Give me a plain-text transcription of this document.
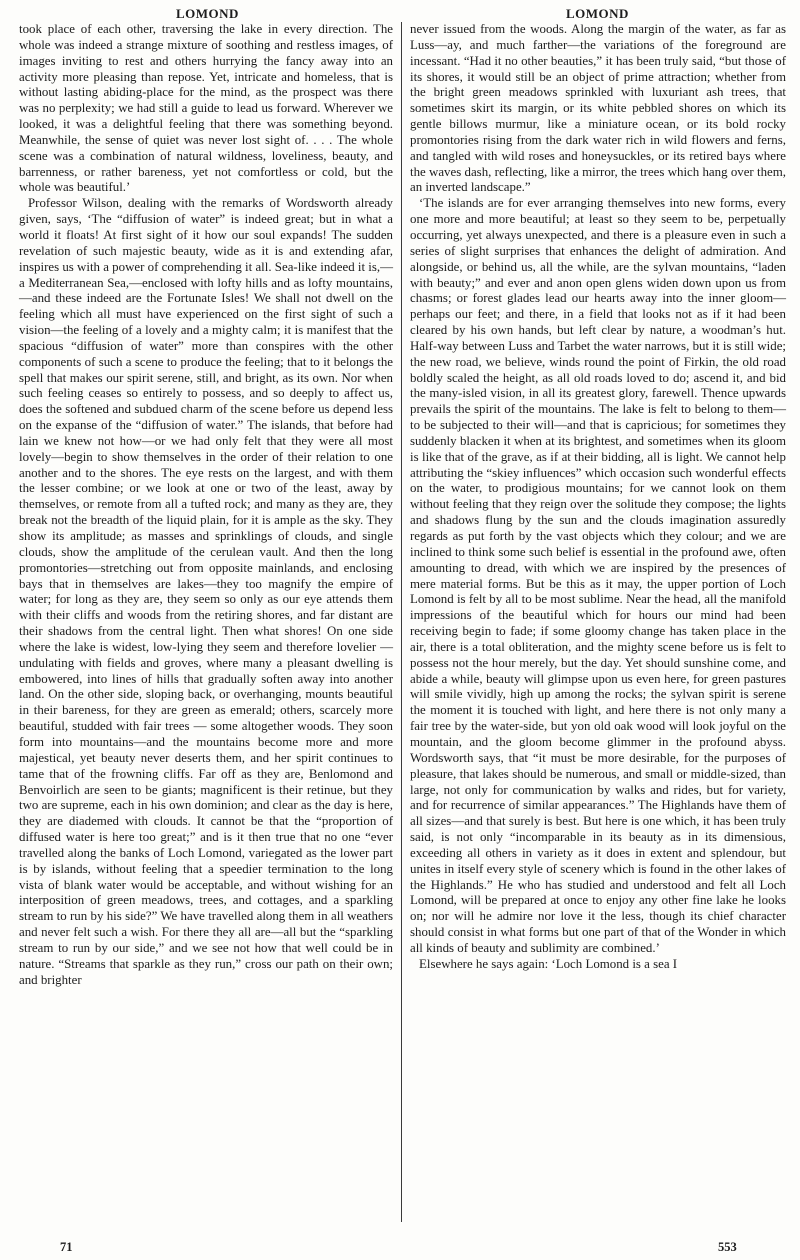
LOMOND	LOMOND

took place of each other, traversing the lake in every direction. The whole was indeed a strange mixture of soothing and restless images, of images inviting to rest and others hurrying the fancy away into an activity more pleasing than repose. Yet, intricate and homeless, that is without lasting abiding-place for the mind, as the prospect was there was no perplexity; we had still a guide to lead us forward. Wherever we looked, it was a delightful feeling that there was something beyond. Meanwhile, the sense of quiet was never lost sight of. . . . The whole scene was a combination of natural wildness, loveliness, beauty, and barrenness, or rather bareness, yet not comfortless or cold, but the whole was beautiful.’

Professor Wilson, dealing with the remarks of Wordsworth already given, says, ‘The “diffusion of water” is indeed great; but in what a world it floats! At first sight of it how our soul expands! The sudden revelation of such majestic beauty, wide as it is and extending afar, inspires us with a power of comprehending it all. Sea-like indeed it is,—a Mediterranean Sea,—enclosed with lofty hills and as lofty mountains,—and these indeed are the Fortunate Isles! We shall not dwell on the feeling which all must have experienced on the first sight of such a vision—the feeling of a lovely and a mighty calm; it is manifest that the spacious “diffusion of water” more than conspires with the other components of such a scene to produce the feeling; that to it belongs the spell that makes our spirit serene, still, and bright, as its own. Nor when such feeling ceases so entirely to possess, and so deeply to affect us, does the softened and subdued charm of the scene before us depend less on the expanse of the “diffusion of water.” The islands, that before had lain we knew not how—or we had only felt that they were all most lovely—begin to show themselves in the order of their relation to one another and to the shores. The eye rests on the largest, and with them the lesser combine; or we look at one or two of the least, away by themselves, or remote from all a tufted rock; and many as they are, they break not the breadth of the liquid plain, for it is ample as the sky. They show its amplitude; as masses and sprinklings of clouds, and single clouds, show the amplitude of the cerulean vault. And then the long promontories—stretching out from opposite mainlands, and enclosing bays that in themselves are lakes—they too magnify the empire of water; for long as they are, they seem so only as our eye attends them with their cliffs and woods from the retiring shores, and far distant are their shadows from the central light. Then what shores! On one side where the lake is widest, low-lying they seem and therefore lovelier — undulating with fields and groves, where many a pleasant dwelling is embowered, into lines of hills that gradually soften away into another land. On the other side, sloping back, or overhanging, mounts beautiful in their bareness, for they are green as emerald; others, scarcely more beautiful, studded with fair trees — some altogether woods. They soon form into mountains—and the mountains become more and more majestical, yet beauty never deserts them, and her spirit continues to tame that of the frowning cliffs. Far off as they are, Benlomond and Benvoirlich are seen to be giants; magnificent is their retinue, but they two are supreme, each in his own dominion; and clear as the day is here, they are diademed with clouds. It cannot be that the “proportion of diffused water is here too great;” and is it then true that no one “ever travelled along the banks of Loch Lomond, variegated as the lower part is by islands, without feeling that a speedier termination to the long vista of blank water would be acceptable, and without wishing for an interposition of green meadows, trees, and cottages, and a sparkling stream to run by his side?” We have travelled along them in all weathers and never felt such a wish. For there they all are—all but the “sparkling stream to run by our side,” and we see not how that well could be in nature. “Streams that sparkle as they run,” cross our path on their own; and brighter

never issued from the woods. Along the margin of the water, as far as Luss—ay, and much farther—the variations of the foreground are incessant. “Had it no other beauties,” it has been truly said, “but those of its shores, it would still be an object of prime attraction; whether from the bright green meadows sprinkled with luxuriant ash trees, that sometimes skirt its margin, or its white pebbled shores on which its gentle billows murmur, like a miniature ocean, or its bold rocky promontories rising from the dark water rich in wild flowers and ferns, and tangled with wild roses and honeysuckles, or its retired bays where the waves dash, reflecting, like a mirror, the trees which hang over them, an inverted landscape.”

‘The islands are for ever arranging themselves into new forms, every one more and more beautiful; at least so they seem to be, perpetually occurring, yet always unexpected, and there is a pleasure even in such a series of slight surprises that enhances the delight of admiration. And alongside, or behind us, all the while, are the sylvan mountains, “laden with beauty;” and ever and anon open glens widen down upon us from chasms; or forest glades lead our hearts away into the inner gloom—perhaps our feet; and there, in a field that looks not as if it had been cleared by his own hands, but left clear by nature, a woodman’s hut. Half-way between Luss and Tarbet the water narrows, but it is still wide; the new road, we believe, winds round the point of Firkin, the old road boldly scaled the height, as all old roads loved to do; ascend it, and bid the many-isled vision, in all its greatest glory, farewell. Thence upwards prevails the spirit of the mountains. The lake is felt to belong to them—to be subjected to their will—and that is capricious; for sometimes they suddenly blacken it when at its brightest, and sometimes when its gloom is like that of the grave, as if at their bidding, all is light. We cannot help attributing the “skiey influences” which occasion such wonderful effects on the water, to prodigious mountains; for we cannot look on them without feeling that they reign over the solitude they compose; the lights and shadows flung by the sun and the clouds imagination assuredly regards as put forth by the vast objects which they colour; and we are inclined to think some such belief is essential in the profound awe, often amounting to dread, with which we are inspired by the presences of mere material forms. But be this as it may, the upper portion of Loch Lomond is felt by all to be most sublime. Near the head, all the manifold impressions of the beautiful which for hours our mind had been receiving begin to fade; if some gloomy change has taken place in the air, there is a total obliteration, and the mighty scene before us is felt to possess not the hour merely, but the day. Yet should sunshine come, and abide a while, beauty will glimpse upon us even here, for green pastures will smile vividly, high up among the rocks; the sylvan spirit is serene the moment it is touched with light, and here there is not only many a fair tree by the water-side, but yon old oak wood will look joyful on the mountain, and the gloom become glimmer in the profound abyss. Wordsworth says, that “it must be more desirable, for the purposes of pleasure, that lakes should be numerous, and small or middle-sized, than large, not only for communication by walks and rides, but for variety, and for recurrence of similar appearances.” The Highlands have them of all sizes—and that surely is best. But here is one which, it has been truly said, is not only “incomparable in its beauty as in its dimensious, exceeding all others in variety as it does in extent and splendour, but unites in itself every style of scenery which is found in the other lakes of the Highlands.” He who has studied and understood and felt all Loch Lomond, will be prepared at once to enjoy any other fine lake he looks on; nor will he admire nor love it the less, though its chief character should consist in what forms but one part of that of the Wonder in which all kinds of beauty and sublimity are combined.’

Elsewhere he says again: ‘Loch Lomond is a sea I

71	553
